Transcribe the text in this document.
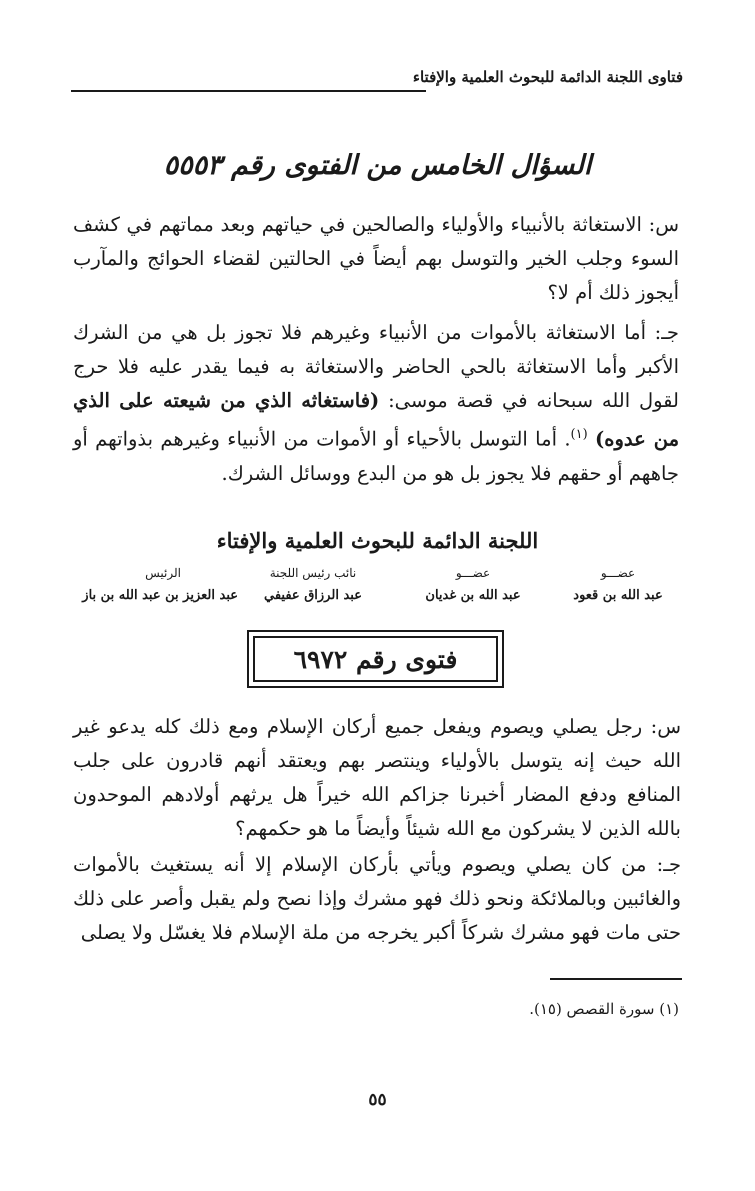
فتاوى اللجنة الدائمة للبحوث العلمية والإفتاء
السؤال الخامس من الفتوى رقم ٥٥٥٣
س: الاستغاثة بالأنبياء والأولياء والصالحين في حياتهم وبعد مماتهم في كشف السوء وجلب الخير والتوسل بهم أيضاً في الحالتين لقضاء الحوائج والمآرب أيجوز ذلك أم لا؟
جـ: أما الاستغاثة بالأموات من الأنبياء وغيرهم فلا تجوز بل هي من الشرك الأكبر وأما الاستغاثة بالحي الحاضر والاستغاثة به فيما يقدر عليه فلا حرج لقول الله سبحانه في قصة موسى: (فاستغاثه الذي من شيعته على الذي من عدوه) $^{(١)}$. أما التوسل بالأحياء أو الأموات من الأنبياء وغيرهم بذواتهم أو جاههم أو حقهم فلا يجوز بل هو من البدع ووسائل الشرك.
اللجنة الدائمة للبحوث العلمية والإفتاء
عضـــو
عبد الله بن قعود
عضـــو
عبد الله بن غديان
نائب رئيس اللجنة
عبد الرزاق عفيفي
الرئيس
عبد العزيز بن عبد الله بن باز
فتوى رقم ٦٩٧٢
س: رجل يصلي ويصوم ويفعل جميع أركان الإسلام ومع ذلك كله يدعو غير الله حيث إنه يتوسل بالأولياء وينتصر بهم ويعتقد أنهم قادرون على جلب المنافع ودفع المضار أخبرنا جزاكم الله خيراً هل يرثهم أولادهم الموحدون بالله الذين لا يشركون مع الله شيئاً وأيضاً ما هو حكمهم؟
جـ: من كان يصلي ويصوم ويأتي بأركان الإسلام إلا أنه يستغيث بالأموات والغائبين وبالملائكة ونحو ذلك فهو مشرك وإذا نصح ولم يقبل وأصر على ذلك حتى مات فهو مشرك شركاً أكبر يخرجه من ملة الإسلام فلا يغسّل ولا يصلى
(١) سورة القصص (١٥).
٥٥
